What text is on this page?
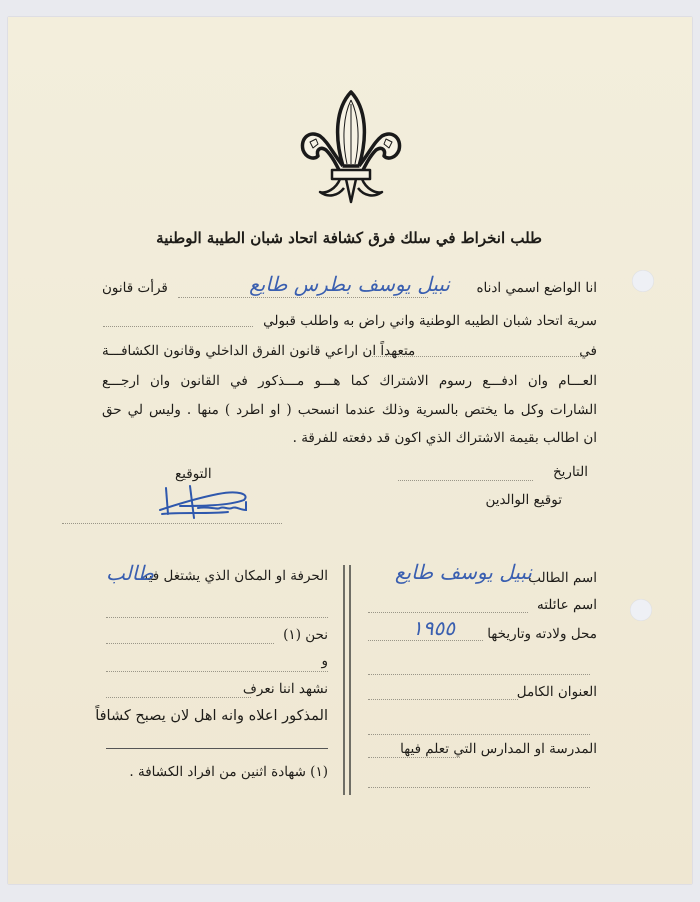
طلب انخراط في سلك فرق كشافة اتحاد شبان الطيبة الوطنية
انا الواضع اسمي ادناه
نبيل يوسف بطرس طايع
قرأت قانون
سرية اتحاد شبان الطيبه الوطنية واني راض به واطلب قبولي
في
متعهداً ان اراعي قانون الفرق الداخلي وقانون الكشافـــة
العـــام وان ادفـــع رسوم الاشتراك كما هـــو مـــذكور في القانون وان ارجـــع
الشارات وكل ما يختص بالسرية وذلك عندما انسحب ( او اطرد ) منها . وليس لي حق
ان اطالب بقيمة الاشتراك الذي اكون قد دفعته للفرقة .
التاريخ
توقيع الوالدين
التوقيع
اسم الطالب
نبيل يوسف طايع
اسم عائلته
محل ولادته وتاريخها
١٩٥٥
العنوان الكامل
المدرسة او المدارس التي تعلم فيها
الحرفة او المكان الذي يشتغل فيه
طالب
نحن (١)
و
نشهد اننا نعرف
المذكور اعلاه وانه اهل لان يصبح كشافاً
(١) شهادة اثنين من افراد الكشافة .
